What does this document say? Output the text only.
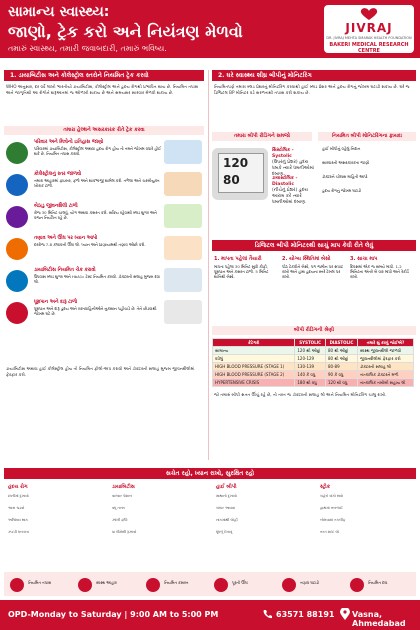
સામાન્ય સ્વાસ્થ્ય:
જાણો, ટ્રેક કરો અને નિયંત્રણ મેળવો
તમારું સ્વાસ્થ્ય, તમારી જવાબદારી, તમારું ભવિષ્ય.
JIVRAJ
DR. JIVRAJ MEHTA SMARAK HEALTH FOUNDATION
BAKERI MEDICAL RESEARCH CENTRE
1. ડાયાબિટીસ અને કોલેસ્ટ્રોલ સ્તરોને નિયમિત ટ્રેક કરવો
WHO અનુસાર, દર વર્ષે લાખો ભારતીયો ડાયાબિટીસ, કોલેસ્ટ્રોલ અને હૃદય રોગથી પ્રભાવિત થાય છે. નિયમિત તપાસ અને જાગૃતિથી આ રોગોને શરૂઆતમાં જ ઓળખી શકાય છે અને સમયસર સારવાર મેળવી શકાય છે.
તમારા હેલ્થને અસરકારક રીતે ટ્રેક કરવા
પરિવાર અને મિત્રોનો ઇતિહાસ જાણો
પરિવારમાં ડાયાબિટીસ, કોલેસ્ટ્રોલ અથવા હૃદય રોગ હોય તો તમને જોખમ વધારે હોઈ શકે છે. નિયમિત તપાસ કરાવો.
કોલેસ્ટ્રોલનું સ્તર જાળવો
તમારા આહારમાં ફાઇબર, ફળો અને શાકભાજી શામેલ કરો. તળેલા અને ચરબીયુક્ત ખોરાક ટાળો.
બેઠાડુ જીવનશૈલી ટાળો
રોજ 30 મિનિટ ચાલવું, યોગ અથવા કસરત કરો. સક્રિય રહેવાથી બ્લડ શુગર અને વજન નિયંત્રિત રહે છે.
તણાવ અને ઊંઘ પર ધ્યાન આપો
દરરોજ 7-8 કલાકની ઊંઘ લો. ધ્યાન અને પ્રાણાયામથી તણાવ ઓછો કરો.
ડાયાબિટીસ નિયમિત ચેક કરાવો
ઉપવાસ બ્લડ શુગર અને HbA1c ટેસ્ટ નિયમિત કરાવો. ડૉક્ટરની સલાહ મુજબ દવા લો.
ધૂમ્રપાન અને દારૂ ટાળો
ધૂમ્રપાન અને દારૂ હૃદય અને રક્તવાહિનીઓને નુકસાન પહોંચાડે છે. તેને છોડવાથી જોખમ ઘટે છે.
ડાયાબિટીસ અથવા હાઈ કોલેસ્ટ્રોલ હોય તો નિયમિત ફોલો-અપ કરાવો અને ડૉક્ટરની સલાહ મુજબ જીવનશૈલીમાં ફેરફાર કરો.
2. ઘરે સ્વાસ્થ્ય શીઘ્ર બીપીનું મોનિટરિંગ
નિયમિતપણે તમારા બ્લડ પ્રેશરનું મોનિટરિંગ કરવાથી હાઈ બ્લડ પ્રેશર અને હૃદય રોગનું જોખમ ઘટાડી શકાય છે. ઘરે જ ડિજિટલ BP મોનિટર વડે સરળતાથી તપાસ કરી શકાય છે.
તમારા બીપી રીડિંગને સમજો
120
80
સિસ્ટોલિક - Systolic
(ઉપરનું પ્રેશર) હૃદય ધબકે ત્યારે ધમનીઓમાં દબાણ.
ડાયાસ્ટોલિક - Diastolic
(નીચેનું પ્રેશર) હૃદય આરામ કરે ત્યારે ધમનીઓમાં દબાણ.
નિયમિત બીપી મોનિટરિંગના ફાયદા
હાઈ બીપીનું વહેલું નિદાન
સારવારની અસરકારકતા જાણો
ડૉક્ટરને ચોક્કસ માહિતી આપો
હૃદય રોગનું જોખમ ઘટાડો
ડિજિટલ બીપી મોનિટરથી સાચું માપ કેવી રીતે લેવું
1. માપતા પહેલાં તૈયારી
માપતા પહેલા 30 મિનિટ સુધી કોફી, ધૂમ્રપાન અને કસરત ટાળો. 5 મિનિટ શાંતિથી બેસો.
2. યોગ્ય સ્થિતિમાં બેસો
પીઠ ટેકવીને બેસો, પગ જમીન પર સપાટ રાખો અને હાથ હૃદયના સ્તરે ટેબલ પર રાખો.
3. સાચા માપ
દિવસમાં એક જ સમયે માપો. 1-2 મિનિટના અંતરે બે વાર માપો અને રેકોર્ડ રાખો.
બીપી રીડિંગની શ્રેણી
કેટેગરી	SYSTOLIC	DIASTOLIC	તમારે શું કરવું જોઈએ?
સામાન્ય	120 થી ઓછું	80 થી ઓછું	સ્વસ્થ જીવનશૈલી જાળવો
વધેલું	120-129	80 થી ઓછું	જીવનશૈલીમાં ફેરફાર કરો
HIGH BLOOD PRESSURE (STAGE 1)	130-139	80-89	ડૉક્ટરની સલાહ લો
HIGH BLOOD PRESSURE (STAGE 2)	140 કે વધુ	90 કે વધુ	તાત્કાલિક ડૉક્ટરને મળો
HYPERTENSIVE CRISIS	180 થી વધુ	120 થી વધુ	તાત્કાલિક તબીબી સહાય લો
જો તમારું બીપી સતત ઊંચું રહે છે, તો તરત જ ડૉક્ટરની સલાહ લો અને નિયમિત મોનિટરિંગ ચાલુ રાખો.
સચેત રહો, ધ્યાન રાખો, સુરક્ષિત રહો
હૃદય રોગ
છાતીમાં દુખાવો
શ્વાસ ચડવો
અતિશય થાક
ઝડપી ધબકારા
ડાયાબિટીસ
વારંવાર પેશાબ
વધુ તરસ
ઝાંખી દ્રષ્ટિ
ઘા ધીમેથી રૂઝાવો
હાઈ બીપી
માથાનો દુખાવો
ચક્કર આવવા
નાકમાંથી લોહી
ધૂંધળું દેખાવું
સ્ટ્રોક
ચહેરો વાંકો થવો
હાથમાં નબળાઈ
બોલવામાં તકલીફ
તરત મદદ લો
નિયમિત તપાસ	સ્વસ્થ આહાર	નિયમિત કસરત	પૂરતી ઊંઘ	તણાવ ઘટાડો	નિયમિત દવા
OPD-Monday to Saturday | 9:00 AM to 5:00 PM	63571 88191 Vasna, Ahmedabad
